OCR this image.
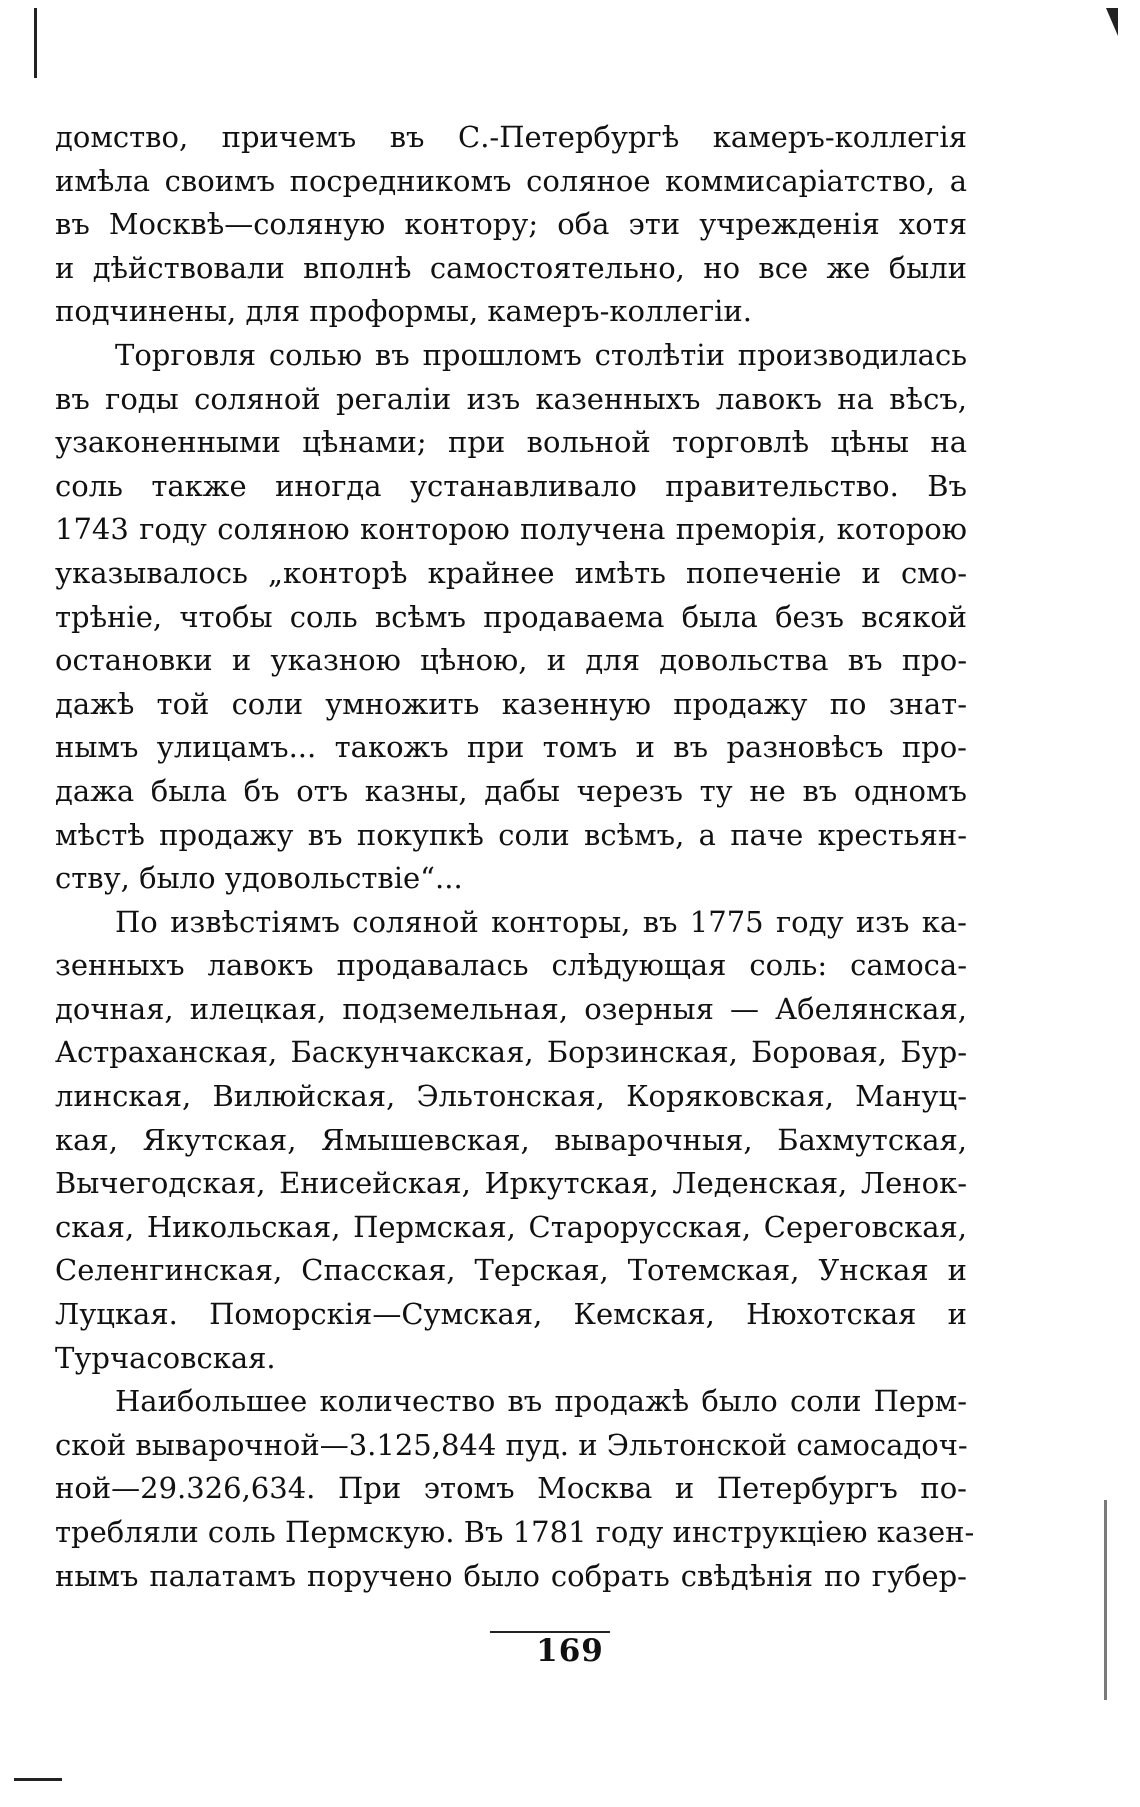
домство, причемъ въ С.-Петербургѣ камеръ-коллегія
имѣла своимъ посредникомъ соляное коммисаріатство, а
въ Москвѣ—соляную контору; оба эти учрежденія хотя
и дѣйствовали вполнѣ самостоятельно, но все же были
подчинены, для проформы, камеръ-коллегіи.
Торговля солью въ прошломъ столѣтіи производилась
въ годы соляной регаліи изъ казенныхъ лавокъ на вѣсъ,
узаконенными цѣнами; при вольной торговлѣ цѣны на
соль также иногда устанавливало правительство. Въ
1743 году соляною конторою получена преморія, которою
указывалось „конторѣ крайнее имѣть попеченіе и смо-
трѣніе, чтобы соль всѣмъ продаваема была безъ всякой
остановки и указною цѣною, и для довольства въ про-
дажѣ той соли умножить казенную продажу по знат-
нымъ улицамъ... такожъ при томъ и въ разновѣсъ про-
дажа была бъ отъ казны, дабы черезъ ту не въ одномъ
мѣстѣ продажу въ покупкѣ соли всѣмъ, а паче крестьян-
ству, было удовольствіе“...
По извѣстіямъ соляной конторы, въ 1775 году изъ ка-
зенныхъ лавокъ продавалась слѣдующая соль: самоса-
дочная, илецкая, подземельная, озерныя — Абелянская,
Астраханская, Баскунчакская, Борзинская, Боровая, Бур-
линская, Вилюйская, Эльтонская, Коряковская, Мануц-
кая, Якутская, Ямышевская, выварочныя, Бахмутская,
Вычегодская, Енисейская, Иркутская, Леденская, Ленок-
ская, Никольская, Пермская, Старорусская, Сереговская,
Селенгинская, Спасская, Терская, Тотемская, Унская и
Луцкая. Поморскія—Сумская, Кемская, Нюхотская и
Турчасовская.
Наибольшее количество въ продажѣ было соли Перм-
ской выварочной—3.125,844 пуд. и Эльтонской самосадоч-
ной—29.326,634. При этомъ Москва и Петербургъ по-
требляли соль Пермскую. Въ 1781 году инструкціею казен-
нымъ палатамъ поручено было собрать свѣдѣнія по губер-
169
